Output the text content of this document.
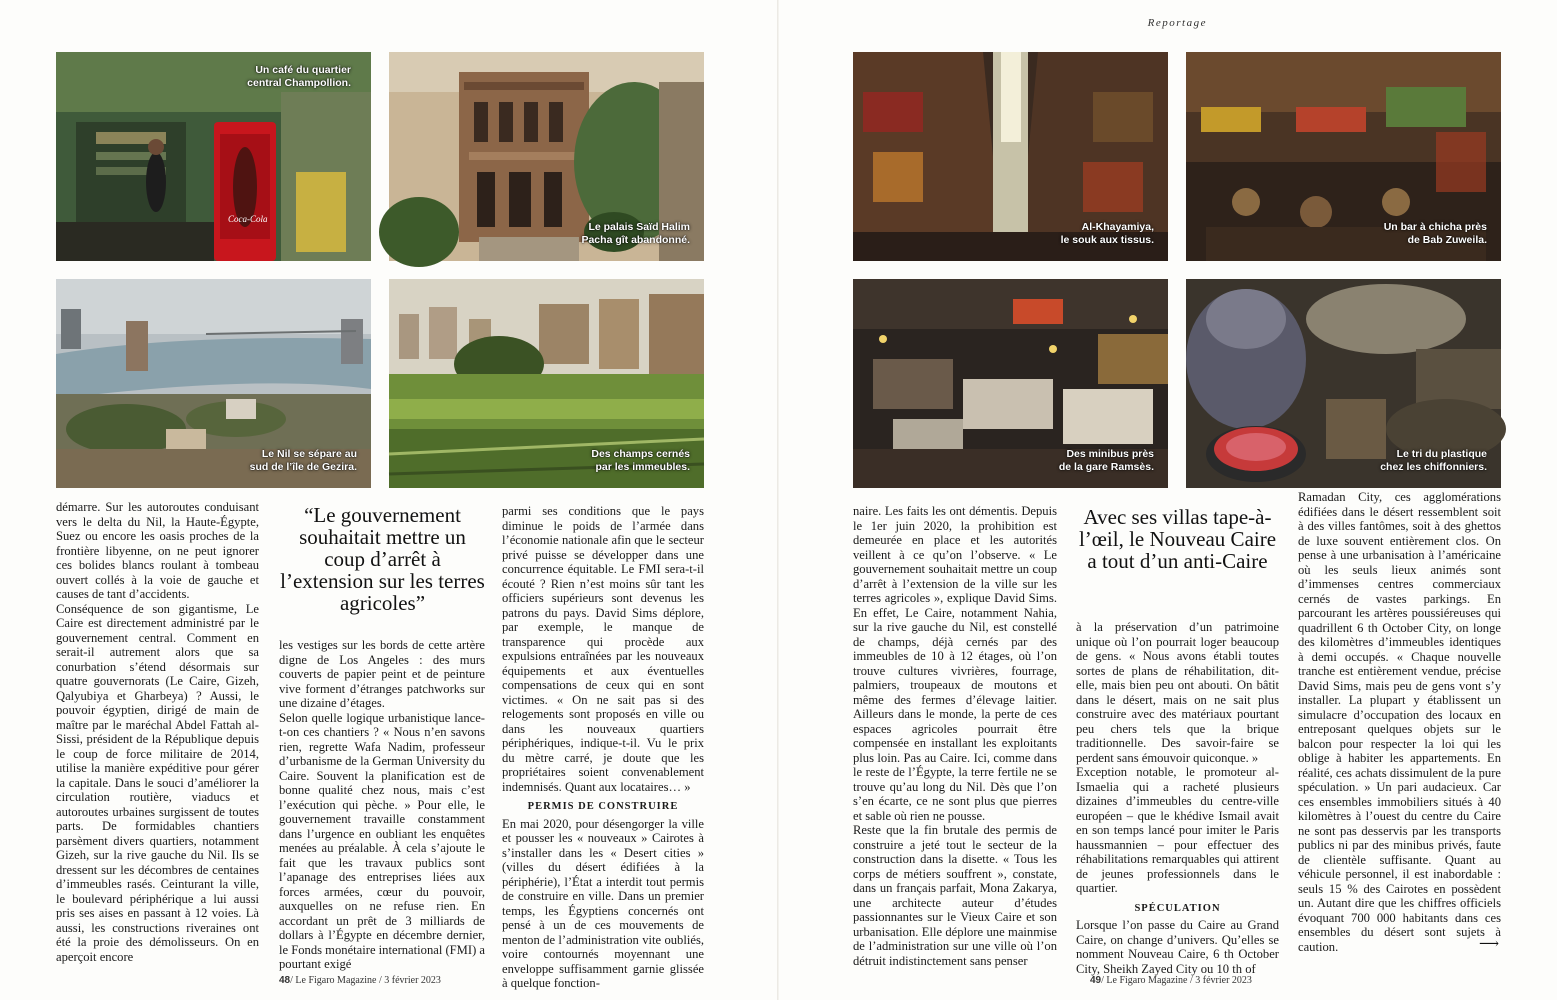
Coca-Cola
Un café du quartier
central Champollion.
Le palais Saïd Halim
Pacha gît abandonné.
Le Nil se sépare au
sud de l’île de Gezira.
Des champs cernés
par les immeubles.

démarre. Sur les autoroutes conduisant vers le delta du Nil, la Haute-Égypte, Suez ou encore les oasis proches de la frontière libyenne, on ne peut ignorer ces bolides blancs roulant à tombeau ouvert collés à la voie de gauche et causes de tant d’accidents.

Conséquence de son gigantisme, Le Caire est directement administré par le gouvernement central. Comment en serait-il autrement alors que sa conurbation s’étend désormais sur quatre gouvernorats (Le Caire, Gizeh, Qalyubiya et Gharbeya) ? Aussi, le pouvoir égyptien, dirigé de main de maître par le maréchal Abdel Fattah al-Sissi, président de la République depuis le coup de force militaire de 2014, utilise la manière expéditive pour gérer la capitale. Dans le souci d’améliorer la circulation routière, viaducs et autoroutes urbaines surgissent de toutes parts. De formidables chantiers parsèment divers quartiers, notamment Gizeh, sur la rive gauche du Nil. Ils se dressent sur les décombres de centaines d’immeubles rasés. Ceinturant la ville, le boulevard périphérique a lui aussi pris ses aises en passant à 12 voies. Là aussi, les constructions riveraines ont été la proie des démolisseurs. On en aperçoit encore

“Le gouvernement souhaitait mettre un coup d’arrêt à l’extension sur les terres agricoles”

les vestiges sur les bords de cette artère digne de Los Angeles : des murs couverts de papier peint et de peinture vive forment d’étranges patchworks sur une dizaine d’étages.

Selon quelle logique urbanistique lance-t-on ces chantiers ? « Nous n’en savons rien, regrette Wafa Nadim, professeur d’urbanisme de la German University du Caire. Souvent la planification est de bonne qualité chez nous, mais c’est l’exécution qui pèche. » Pour elle, le gouvernement travaille constamment dans l’urgence en oubliant les enquêtes menées au préalable. À cela s’ajoute le fait que les travaux publics sont l’apanage des entreprises liées aux forces armées, cœur du pouvoir, auxquelles on ne refuse rien. En accordant un prêt de 3 milliards de dollars à l’Égypte en décembre dernier, le Fonds monétaire international (FMI) a pourtant exigé

parmi ses conditions que le pays diminue le poids de l’armée dans l’économie nationale afin que le secteur privé puisse se développer dans une concurrence équitable. Le FMI sera-t-il écouté ? Rien n’est moins sûr tant les officiers supérieurs sont devenus les patrons du pays. David Sims déplore, par exemple, le manque de transparence qui procède aux expulsions entraînées par les nouveaux équipements et aux éventuelles compensations de ceux qui en sont victimes. « On ne sait pas si des relogements sont proposés en ville ou dans les nouveaux quartiers périphériques, indique-t-il. Vu le prix du mètre carré, je doute que les propriétaires soient convenablement indemnisés. Quant aux locataires… »

PERMIS DE CONSTRUIRE

En mai 2020, pour désengorger la ville et pousser les « nouveaux » Cairotes à s’installer dans les « Desert cities » (villes du désert édifiées à la périphérie), l’État a interdit tout permis de construire en ville. Dans un premier temps, les Égyptiens concernés ont pensé à un de ces mouvements de menton de l’administration vite oubliés, voire contournés moyennant une enveloppe suffisamment garnie glissée à quelque fonction-

48/ Le Figaro Magazine / 3 février 2023
Reportage
Al-Khayamiya,
le souk aux tissus.
Un bar à chicha près
de Bab Zuweila.
Des minibus près
de la gare Ramsès.
Le tri du plastique
chez les chiffonniers.

naire. Les faits les ont démentis. Depuis le 1er juin 2020, la prohibition est demeurée en place et les autorités veillent à ce qu’on l’observe. « Le gouvernement souhaitait mettre un coup d’arrêt à l’extension de la ville sur les terres agricoles », explique David Sims. En effet, Le Caire, notamment Nahia, sur la rive gauche du Nil, est constellé de champs, déjà cernés par des immeubles de 10 à 12 étages, où l’on trouve cultures vivrières, fourrage, palmiers, troupeaux de moutons et même des fermes d’élevage laitier. Ailleurs dans le monde, la perte de ces espaces agricoles pourrait être compensée en installant les exploitants plus loin. Pas au Caire. Ici, comme dans le reste de l’Égypte, la terre fertile ne se trouve qu’au long du Nil. Dès que l’on s’en écarte, ce ne sont plus que pierres et sable où rien ne pousse.

Reste que la fin brutale des permis de construire a jeté tout le secteur de la construction dans la disette. « Tous les corps de métiers souffrent », constate, dans un français parfait, Mona Zakarya, une architecte auteur d’études passionnantes sur le Vieux Caire et son urbanisation. Elle déplore une mainmise de l’administration sur une ville où l’on détruit indistinctement sans penser

Avec ses villas tape-à-l’œil, le Nouveau Caire a tout d’un anti-Caire

à la préservation d’un patrimoine unique où l’on pourrait loger beaucoup de gens. « Nous avons établi toutes sortes de plans de réhabilitation, dit-elle, mais bien peu ont abouti. On bâtit dans le désert, mais on ne sait plus construire avec des matériaux pourtant peu chers tels que la brique traditionnelle. Des savoir-faire se perdent sans émouvoir quiconque. »

Exception notable, le promoteur al-Ismaelia qui a racheté plusieurs dizaines d’immeubles du centre-ville européen – que le khédive Ismail avait en son temps lancé pour imiter le Paris haussmannien – pour effectuer des réhabilitations remarquables qui attirent de jeunes professionnels dans le quartier.

SPÉCULATION

Lorsque l’on passe du Caire au Grand Caire, on change d’univers. Qu’elles se nomment Nouveau Caire, 6 th October City, Sheikh Zayed City ou 10 th of

Ramadan City, ces agglomérations édifiées dans le désert ressemblent soit à des villes fantômes, soit à des ghettos de luxe souvent entièrement clos. On pense à une urbanisation à l’américaine où les seuls lieux animés sont d’immenses centres commerciaux cernés de vastes parkings. En parcourant les artères poussiéreuses qui quadrillent 6 th October City, on longe des kilomètres d’immeubles identiques à demi occupés. « Chaque nouvelle tranche est entièrement vendue, précise David Sims, mais peu de gens vont s’y installer. La plupart y établissent un simulacre d’occupation des locaux en entreposant quelques objets sur le balcon pour respecter la loi qui les oblige à habiter les appartements. En réalité, ces achats dissimulent de la pure spéculation. » Un pari audacieux. Car ces ensembles immobiliers situés à 40 kilomètres à l’ouest du centre du Caire ne sont pas desservis par les transports publics ni par des minibus privés, faute de clientèle suffisante. Quant au véhicule personnel, il est inabordable : seuls 15 % des Cairotes en possèdent un. Autant dire que les chiffres officiels évoquant 700 000 habitants dans ces ensembles du désert sont sujets à caution.	⟶
49/ Le Figaro Magazine / 3 février 2023
